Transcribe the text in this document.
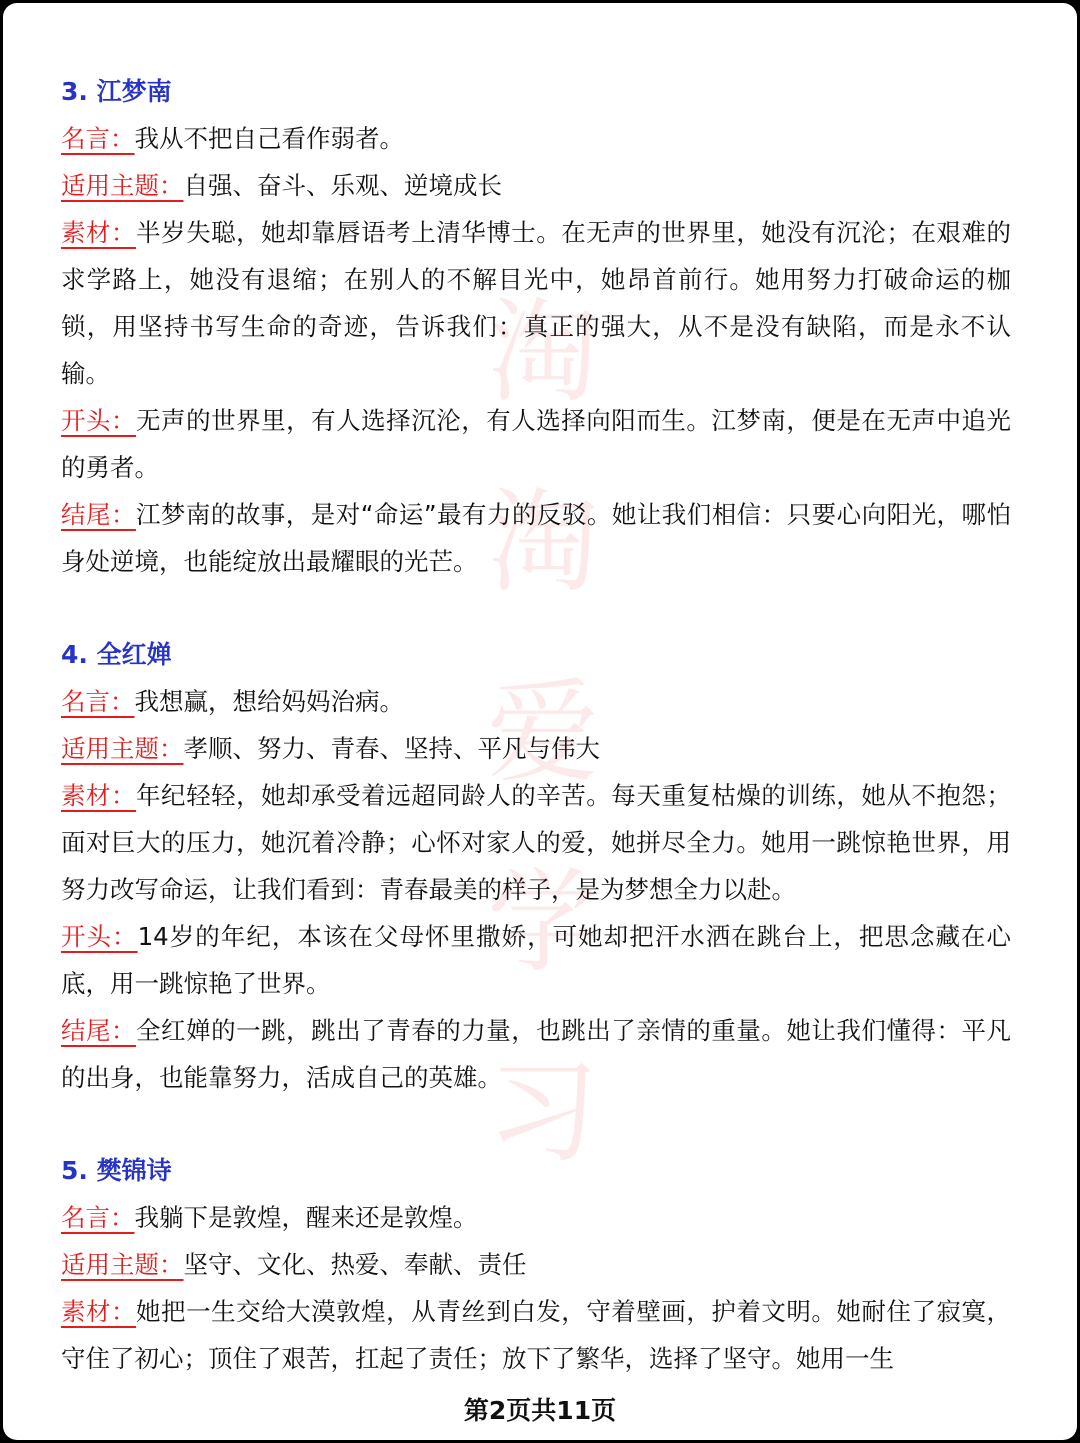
淘
淘
爱
学
习
3. 江梦南

名言：我从不把自己看作弱者。

适用主题：自强、奋斗、乐观、逆境成长

素材：半岁失聪，她却靠唇语考上清华博士。在无声的世界里，她没有沉沦；在艰难的求学路上，她没有退缩；在别人的不解目光中，她昂首前行。她用努力打破命运的枷锁，用坚持书写生命的奇迹，告诉我们：真正的强大，从不是没有缺陷，而是永不认输。

开头：无声的世界里，有人选择沉沦，有人选择向阳而生。江梦南，便是在无声中追光的勇者。

结尾：江梦南的故事，是对“命运”最有力的反驳。她让我们相信：只要心向阳光，哪怕身处逆境，也能绽放出最耀眼的光芒。

4. 全红婵

名言：我想赢，想给妈妈治病。

适用主题：孝顺、努力、青春、坚持、平凡与伟大

素材：年纪轻轻，她却承受着远超同龄人的辛苦。每天重复枯燥的训练，她从不抱怨；面对巨大的压力，她沉着冷静；心怀对家人的爱，她拼尽全力。她用一跳惊艳世界，用努力改写命运，让我们看到：青春最美的样子，是为梦想全力以赴。

开头：14岁的年纪，本该在父母怀里撒娇，可她却把汗水洒在跳台上，把思念藏在心底，用一跳惊艳了世界。

结尾：全红婵的一跳，跳出了青春的力量，也跳出了亲情的重量。她让我们懂得：平凡的出身，也能靠努力，活成自己的英雄。

5. 樊锦诗

名言：我躺下是敦煌，醒来还是敦煌。

适用主题：坚守、文化、热爱、奉献、责任

素材：她把一生交给大漠敦煌，从青丝到白发，守着壁画，护着文明。她耐住了寂寞，守住了初心；顶住了艰苦，扛起了责任；放下了繁华，选择了坚守。她用一生

第2页共11页
